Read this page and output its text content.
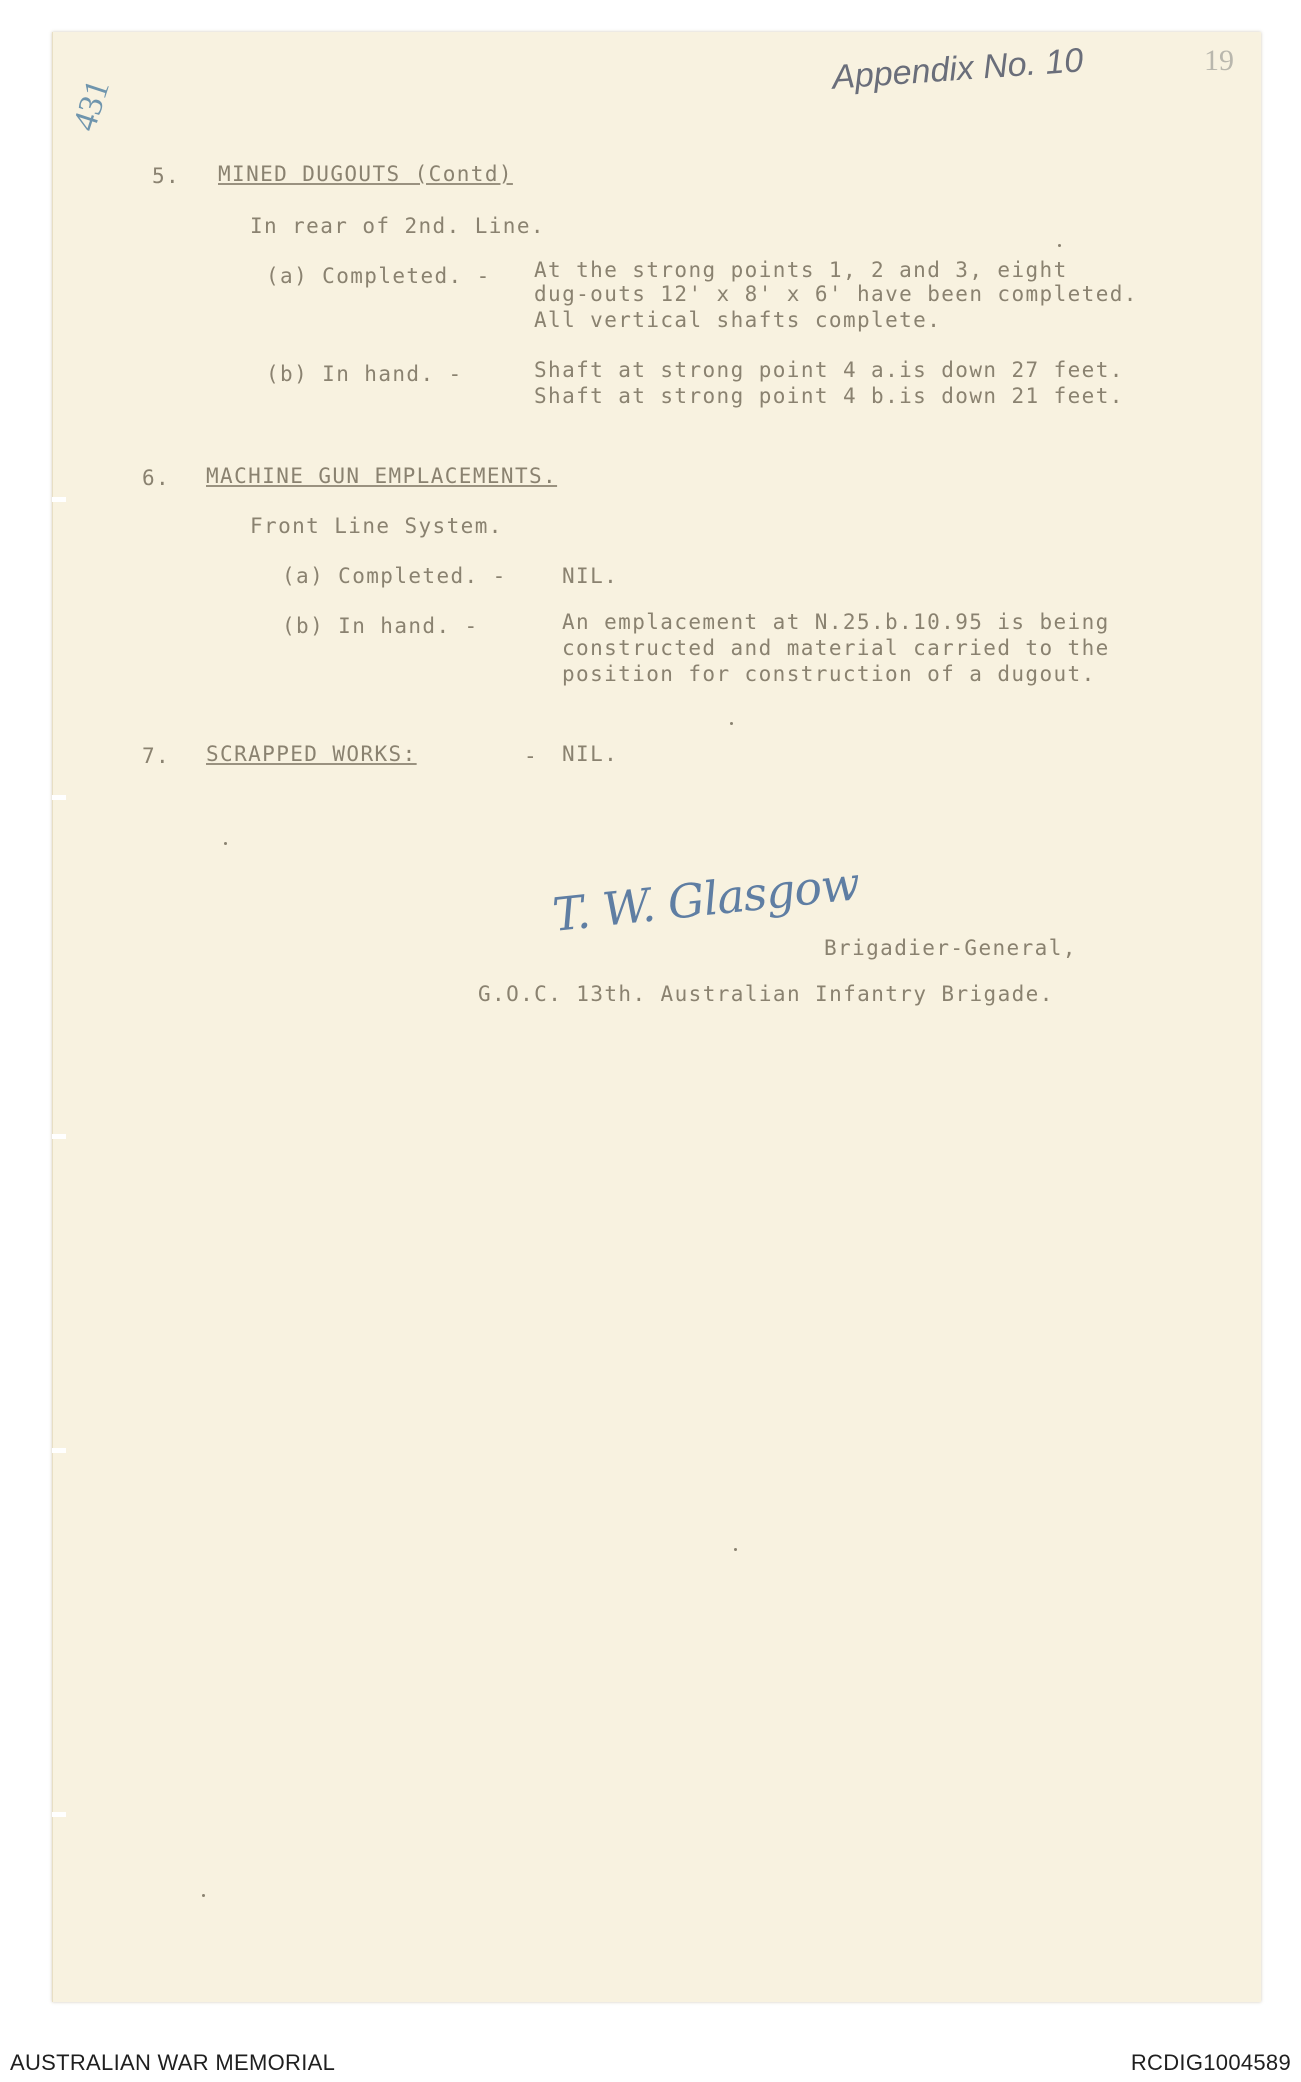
431
Appendix No. 10	19
5. MINED DUGOUTS (Contd)
In rear of 2nd. Line.
(a) Completed. - At the strong points 1, 2 and 3, eight
dug-outs 12' x 8' x 6' have been completed.
All vertical shafts complete.
(b) In hand. -	Shaft at strong point 4 a.is down 27 feet.
Shaft at strong point 4 b.is down 21 feet.
6. MACHINE GUN EMPLACEMENTS.
Front Line System.
(a) Completed. -	NIL.
(b) In hand. -	An emplacement at N.25.b.10.95 is being
constructed and material carried to the
position for construction of a dugout.
7. SCRAPPED WORKS:	- NIL.
T. W. Glasgow
Brigadier-General,
G.O.C. 13th. Australian Infantry Brigade.
AUSTRALIAN WAR MEMORIAL	RCDIG1004589
